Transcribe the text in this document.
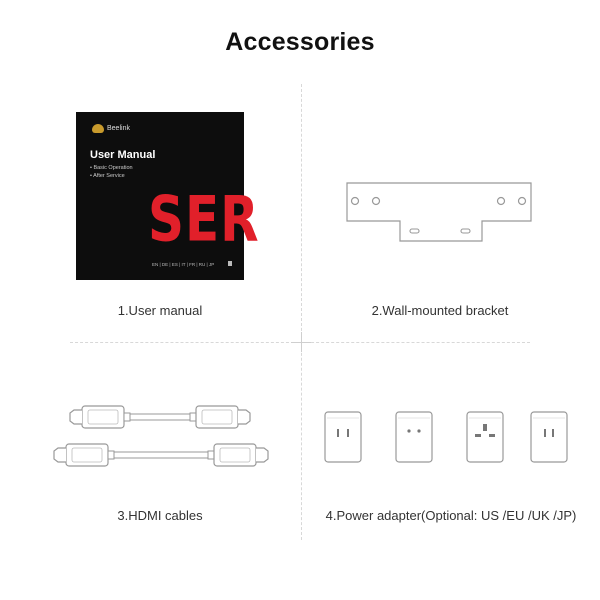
Accessories
Beelink
User Manual
• Basic Operation
• After Service
SER
EN | DE | ES | IT | FR | RU | JP
1.User manual	2.Wall-mounted bracket
3.HDMI cables	4.Power adapter(Optional: US /EU /UK /JP)
